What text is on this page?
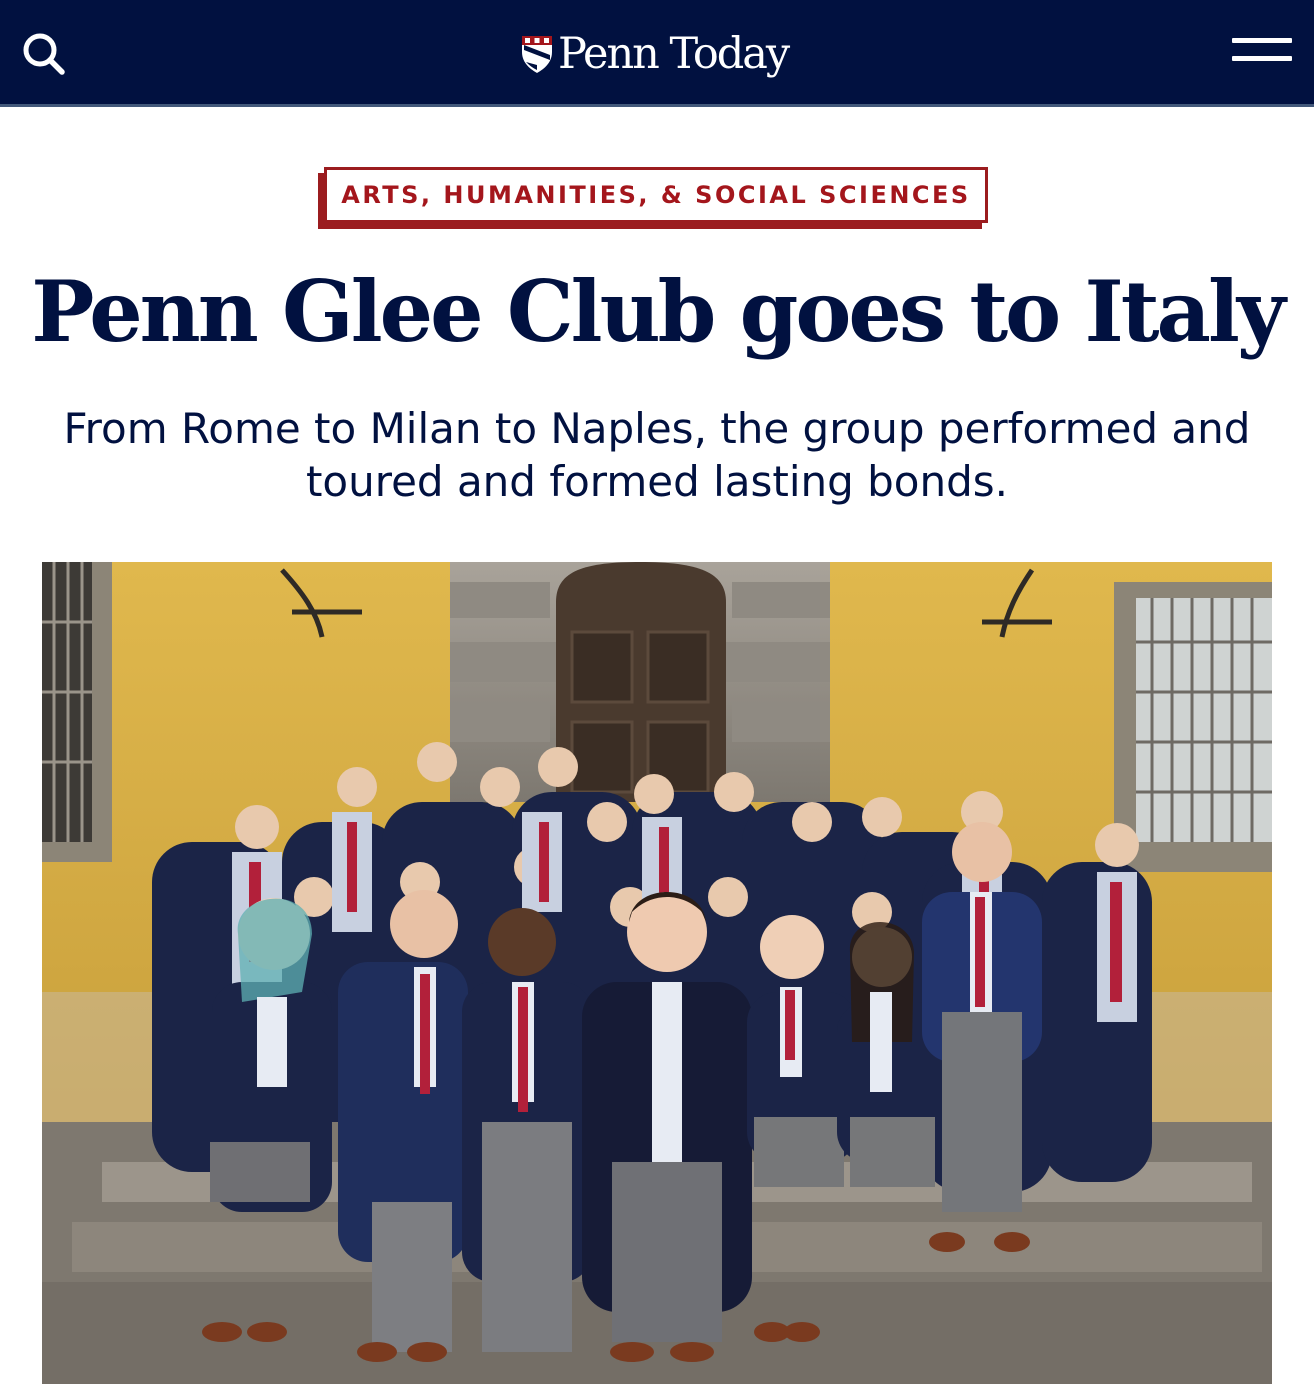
Penn Today
ARTS, HUMANITIES, & SOCIAL SCIENCES
Penn Glee Club goes to Italy

From Rome to Milan to Naples, the group performed and toured and formed lasting bonds.
